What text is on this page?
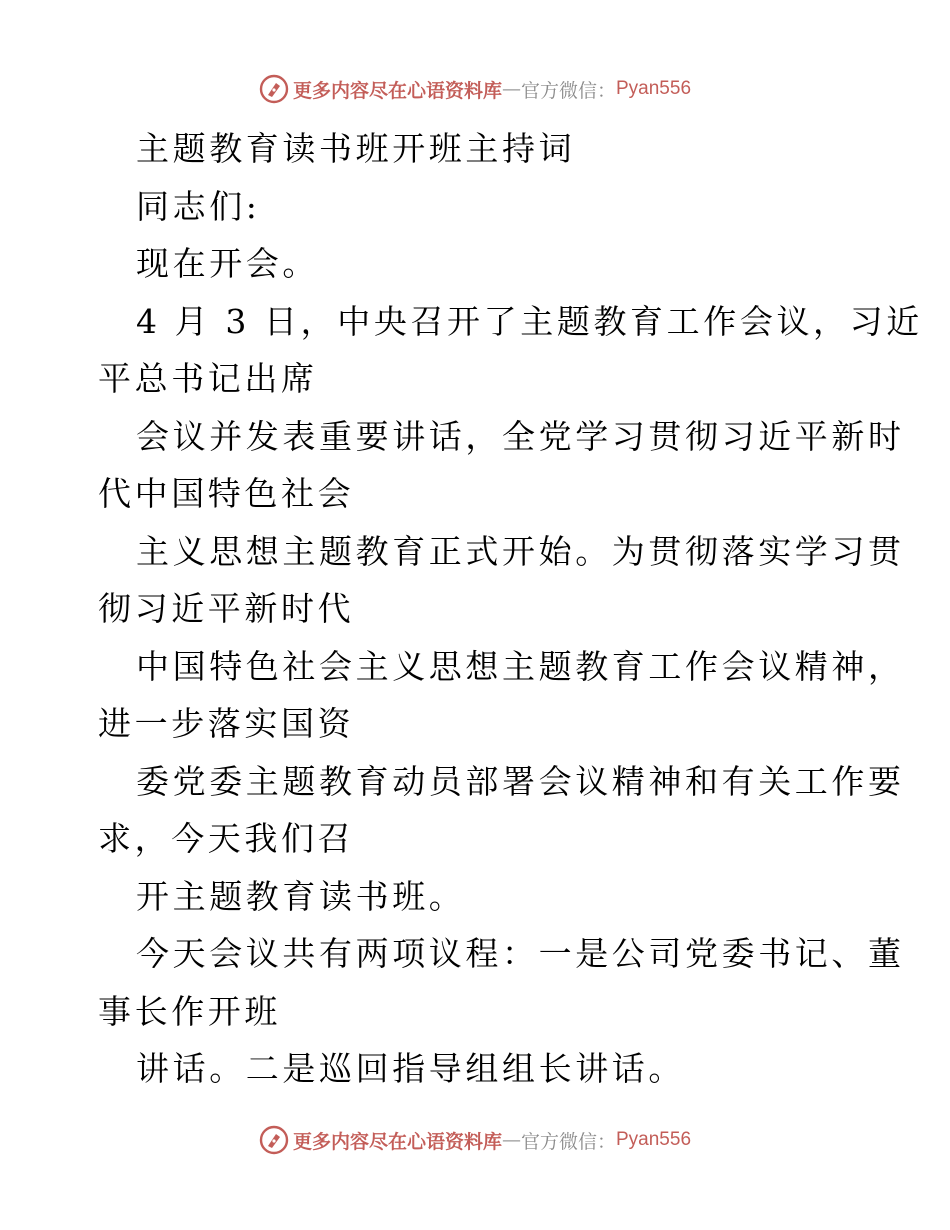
更多内容尽在心语资料库 — 官方微信： Pyan556
主题教育读书班开班主持词
同志们:
现在开会。
4 月 3 日，中央召开了主题教育工作会议，习近
平总书记出席
会议并发表重要讲话，全党学习贯彻习近平新时
代中国特色社会
主义思想主题教育正式开始。为贯彻落实学习贯
彻习近平新时代
中国特色社会主义思想主题教育工作会议精神，
进一步落实国资
委党委主题教育动员部署会议精神和有关工作要
求，今天我们召
开主题教育读书班。
今天会议共有两项议程：一是公司党委书记、董
事长作开班
讲话。二是巡回指导组组长讲话。
更多内容尽在心语资料库 — 官方微信： Pyan556
